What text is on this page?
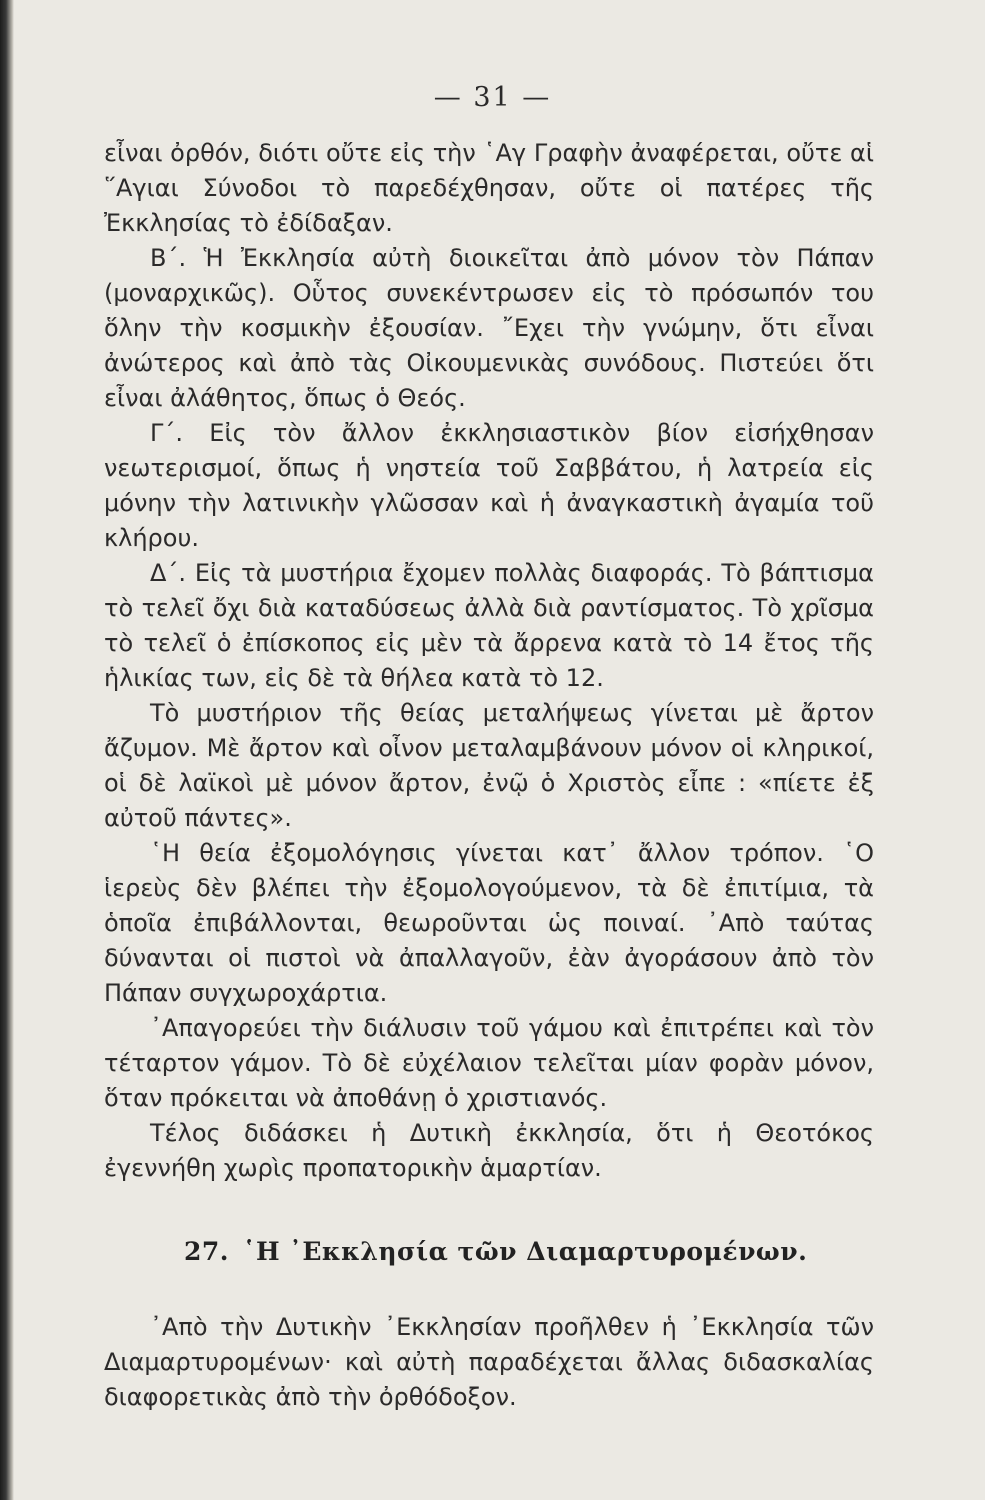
— 31 —

εἶναι ὀρθόν, διότι οὔτε εἰς τὴν ῾Αγ Γραφὴν ἀναφέρεται, οὔτε αἱ ῞Αγιαι Σύνοδοι τὸ παρεδέχθησαν, οὔτε οἱ πατέρες τῆς Ἐκκλησίας τὸ ἐδίδαξαν.

Β΄. Ἡ Ἐκκλησία αὐτὴ διοικεῖται ἀπὸ μόνον τὸν Πάπαν (μοναρχικῶς). Οὗτος συνεκέντρωσεν εἰς τὸ πρόσωπόν του ὅλην τὴν κοσμικὴν ἐξουσίαν. ῎Εχει τὴν γνώμην, ὅτι εἶναι ἀνώτερος καὶ ἀπὸ τὰς Οἰκουμενικὰς συνόδους. Πιστεύει ὅτι εἶναι ἀλάθητος, ὅπως ὁ Θεός.

Γ΄. Εἰς τὸν ἄλλον ἐκκλησιαστικὸν βίον εἰσήχθησαν νεωτερισμοί, ὅπως ἡ νηστεία τοῦ Σαββάτου, ἡ λατρεία εἰς μόνην τὴν λατινικὴν γλῶσσαν καὶ ἡ ἀναγκαστικὴ ἀγαμία τοῦ κλήρου.

Δ΄. Εἰς τὰ μυστήρια ἔχομεν πολλὰς διαφοράς. Τὸ βάπτισμα τὸ τελεῖ ὄχι διὰ καταδύσεως ἀλλὰ διὰ ραντίσματος. Τὸ χρῖσμα τὸ τελεῖ ὁ ἐπίσκοπος εἰς μὲν τὰ ἄρρενα κατὰ τὸ 14 ἔτος τῆς ἡλικίας των, εἰς δὲ τὰ θήλεα κατὰ τὸ 12.

Τὸ μυστήριον τῆς θείας μεταλήψεως γίνεται μὲ ἄρτον ἄζυμον. Μὲ ἄρτον καὶ οἶνον μεταλαμβάνουν μόνον οἱ κληρικοί, οἱ δὲ λαϊκοὶ μὲ μόνον ἄρτον, ἐνῷ ὁ Χριστὸς εἶπε : «πίετε ἐξ αὐτοῦ πάντες».

῾Η θεία ἐξομολόγησις γίνεται κατ᾽ ἄλλον τρόπον. ῾Ο ἱερεὺς δὲν βλέπει τὴν ἐξομολογούμενον, τὰ δὲ ἐπιτίμια, τὰ ὁποῖα ἐπιβάλλονται, θεωροῦνται ὡς ποιναί. ᾿Απὸ ταύτας δύνανται οἱ πιστοὶ νὰ ἀπαλλαγοῦν, ἐὰν ἀγοράσουν ἀπὸ τὸν Πάπαν συγχωροχάρτια.

᾿Απαγορεύει τὴν διάλυσιν τοῦ γάμου καὶ ἐπιτρέπει καὶ τὸν τέταρτον γάμον. Τὸ δὲ εὐχέλαιον τελεῖται μίαν φορὰν μόνον, ὅταν πρόκειται νὰ ἀποθάνῃ ὁ χριστιανός.

Τέλος διδάσκει ἡ Δυτικὴ ἐκκλησία, ὅτι ἡ Θεοτόκος ἐγεννήθη χωρὶς προπατορικὴν ἁμαρτίαν.

27. ῾Η ᾿Εκκλησία τῶν Διαμαρτυρομένων.

᾿Απὸ τὴν Δυτικὴν ᾿Εκκλησίαν προῆλθεν ἡ ᾿Εκκλησία τῶν Διαμαρτυρομένων· καὶ αὐτὴ παραδέχεται ἄλλας διδασκαλίας διαφορετικὰς ἀπὸ τὴν ὀρθόδοξον.
